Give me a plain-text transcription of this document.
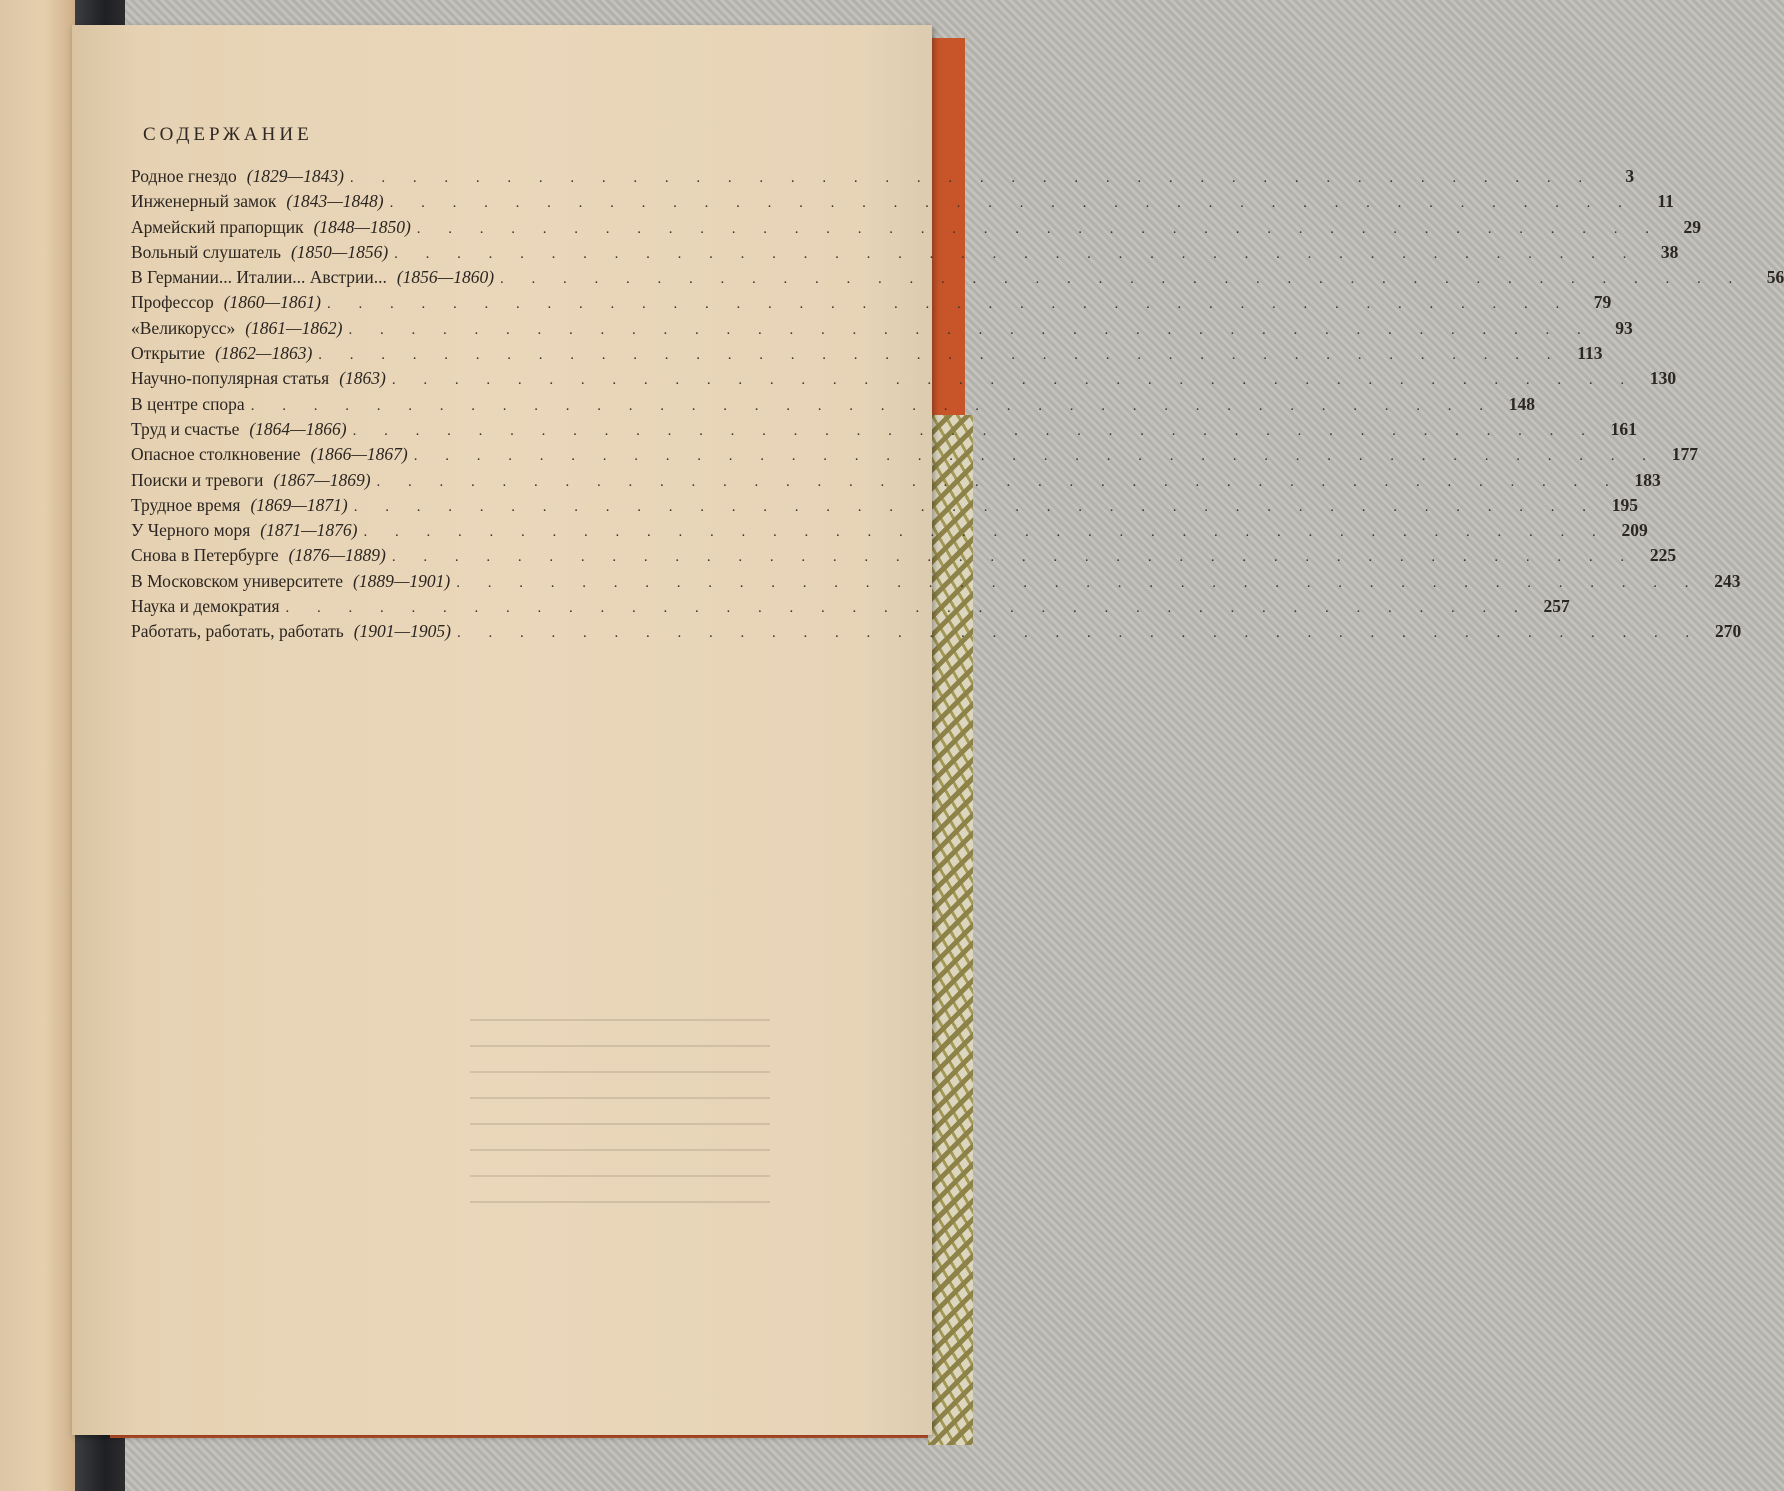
СОДЕРЖАНИЕ
Родное гнездо (1829—1843) . . . . . . . . . . . . . . . . . . . . . . . . . . . . . . . . . . . . . . . .	3
Инженерный замок (1843—1848) . . . . . . . . . . . . . . . . . . . . . . . . . . . . . . . . . . . . . . . .	11
Армейский прапорщик (1848—1850) . . . . . . . . . . . . . . . . . . . . . . . . . . . . . . . . . . . . . . . .	29
Вольный слушатель (1850—1856) . . . . . . . . . . . . . . . . . . . . . . . . . . . . . . . . . . . . . . . .	38
В Германии... Италии... Австрии... (1856—1860) . . . . . . . . . . . . . . . . . . . . . . . . . . . . . . . . . . . . . . . .	56
Профессор (1860—1861) . . . . . . . . . . . . . . . . . . . . . . . . . . . . . . . . . . . . . . . .	79
«Великорусс» (1861—1862) . . . . . . . . . . . . . . . . . . . . . . . . . . . . . . . . . . . . . . . .	93
Открытие (1862—1863) . . . . . . . . . . . . . . . . . . . . . . . . . . . . . . . . . . . . . . . . 113
Научно-популярная статья (1863) . . . . . . . . . . . . . . . . . . . . . . . . . . . . . . . . . . . . . . . . 130
В центре спора . . . . . . . . . . . . . . . . . . . . . . . . . . . . . . . . . . . . . . . . 148
Труд и счастье (1864—1866) . . . . . . . . . . . . . . . . . . . . . . . . . . . . . . . . . . . . . . . . 161
Опасное столкновение (1866—1867) . . . . . . . . . . . . . . . . . . . . . . . . . . . . . . . . . . . . . . . . 177
Поиски и тревоги (1867—1869) . . . . . . . . . . . . . . . . . . . . . . . . . . . . . . . . . . . . . . . . 183
Трудное время (1869—1871) . . . . . . . . . . . . . . . . . . . . . . . . . . . . . . . . . . . . . . . . 195
У Черного моря (1871—1876) . . . . . . . . . . . . . . . . . . . . . . . . . . . . . . . . . . . . . . . . 209
Снова в Петербурге (1876—1889) . . . . . . . . . . . . . . . . . . . . . . . . . . . . . . . . . . . . . . . . 225
В Московском университете (1889—1901) . . . . . . . . . . . . . . . . . . . . . . . . . . . . . . . . . . . . . . . . 243
Наука и демократия . . . . . . . . . . . . . . . . . . . . . . . . . . . . . . . . . . . . . . . . 257
Работать, работать, работать (1901—1905) . . . . . . . . . . . . . . . . . . . . . . . . . . . . . . . . . . . . . . . . 270
